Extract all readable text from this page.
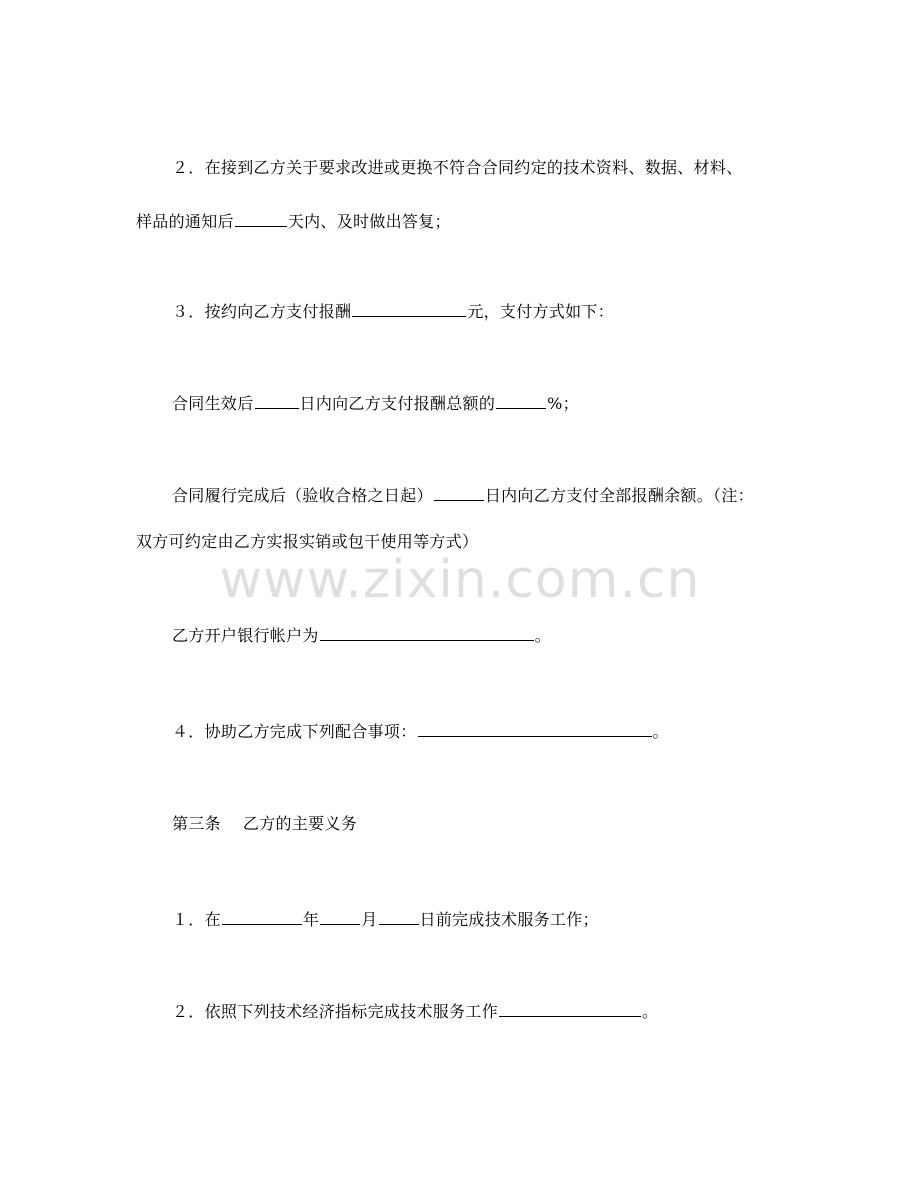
２．在接到乙方关于要求改进或更换不符合合同约定的技术资料、数据、材料、
样品的通知后	天内、及时做出答复；
３．按约向乙方支付报酬	元，支付方式如下：
合同生效后	日内向乙方支付报酬总额的	%；
合同履行完成后（验收合格之日起）	日内向乙方支付全部报酬余额。（注：
双方可约定由乙方实报实销或包干使用等方式）
乙方开户银行帐户为	。
４．协助乙方完成下列配合事项：	。
第三条 乙方的主要义务
１．在	年	月	日前完成技术服务工作；
２．依照下列技术经济指标完成技术服务工作	。
www.zixin.com.cn
